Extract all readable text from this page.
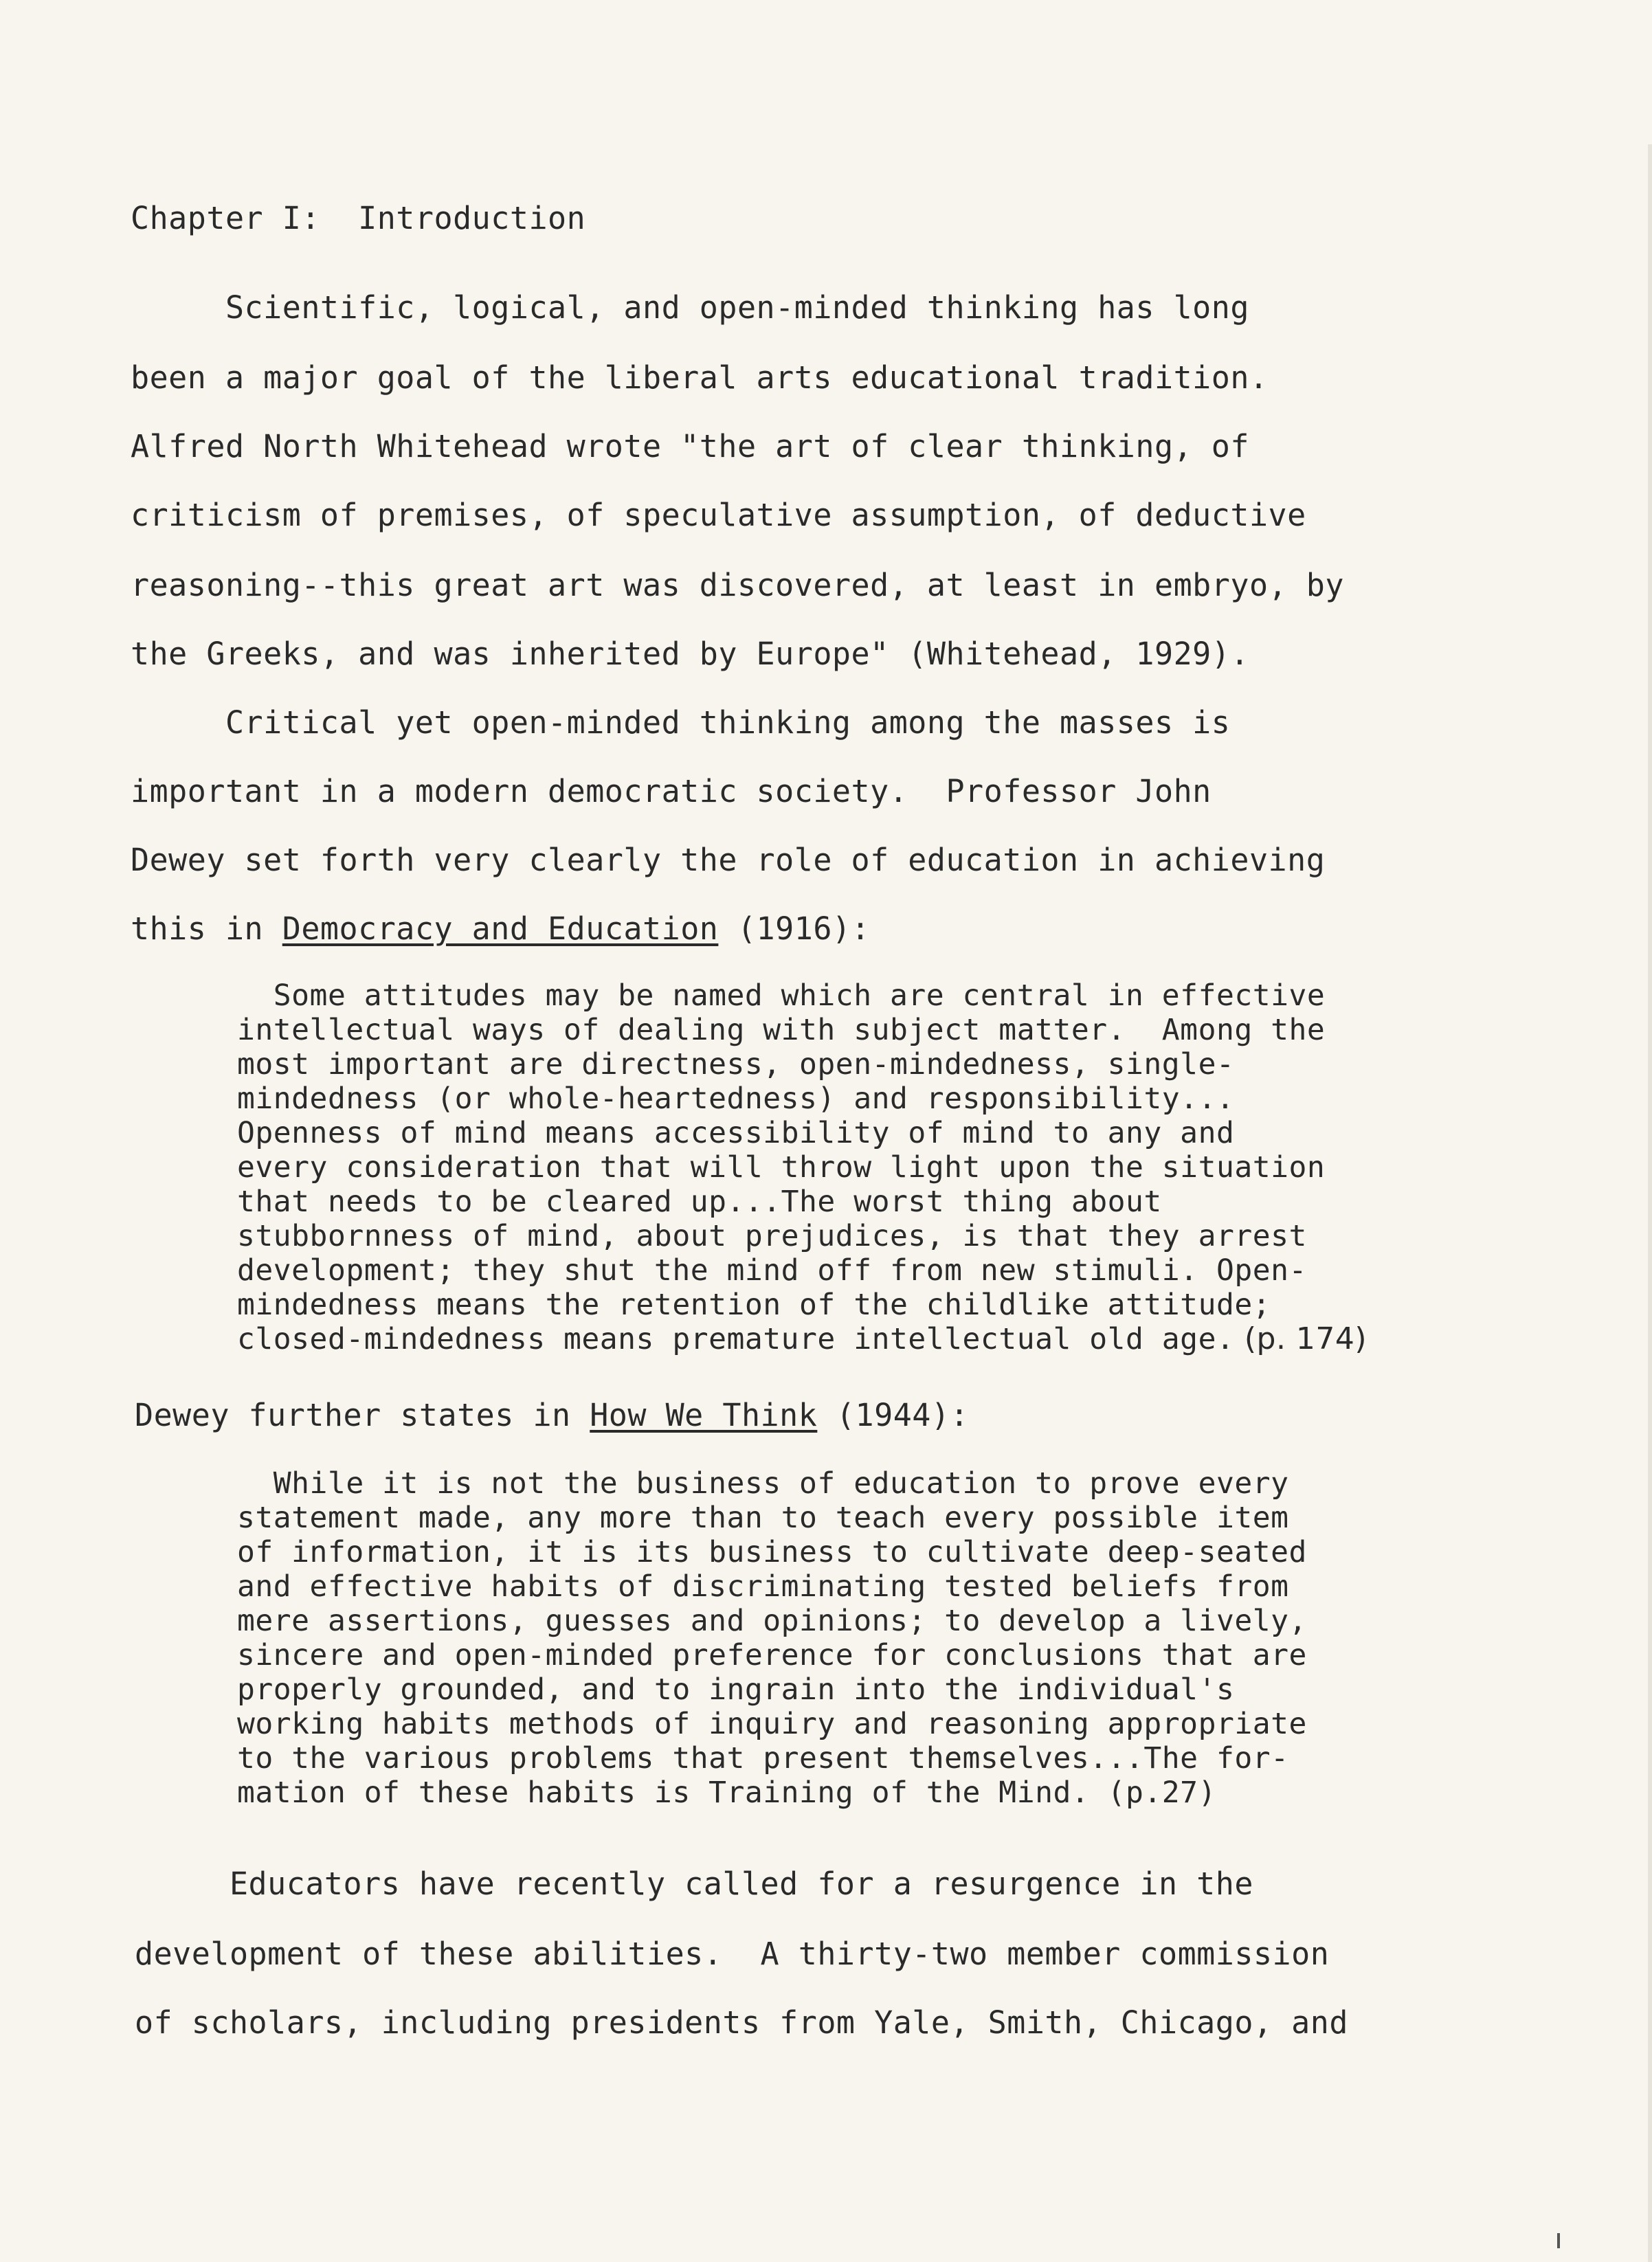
Chapter I:  Introduction
Scientific, logical, and open-minded thinking has long
been a major goal of the liberal arts educational tradition.
Alfred North Whitehead wrote "the art of clear thinking, of
criticism of premises, of speculative assumption, of deductive
reasoning--this great art was discovered, at least in embryo, by
the Greeks, and was inherited by Europe" (Whitehead, 1929).
Critical yet open-minded thinking among the masses is
important in a modern democratic society.  Professor John
Dewey set forth very clearly the role of education in achieving
this in Democracy and Education (1916):
Some attitudes may be named which are central in effective
intellectual ways of dealing with subject matter.  Among the
most important are directness, open-mindedness, single-
mindedness (or whole-heartedness) and responsibility...
Openness of mind means accessibility of mind to any and
every consideration that will throw light upon the situation
that needs to be cleared up...The worst thing about
stubbornness of mind, about prejudices, is that they arrest
development; they shut the mind off from new stimuli. Open-
mindedness means the retention of the childlike attitude;
closed-mindedness means premature intellectual old age. (p. 174)
Dewey further states in How We Think (1944):
While it is not the business of education to prove every
statement made, any more than to teach every possible item
of information, it is its business to cultivate deep-seated
and effective habits of discriminating tested beliefs from
mere assertions, guesses and opinions; to develop a lively,
sincere and open-minded preference for conclusions that are
properly grounded, and to ingrain into the individual's
working habits methods of inquiry and reasoning appropriate
to the various problems that present themselves...The for-
mation of these habits is Training of the Mind. (p.27)
Educators have recently called for a resurgence in the
development of these abilities.  A thirty-two member commission
of scholars, including presidents from Yale, Smith, Chicago, and
